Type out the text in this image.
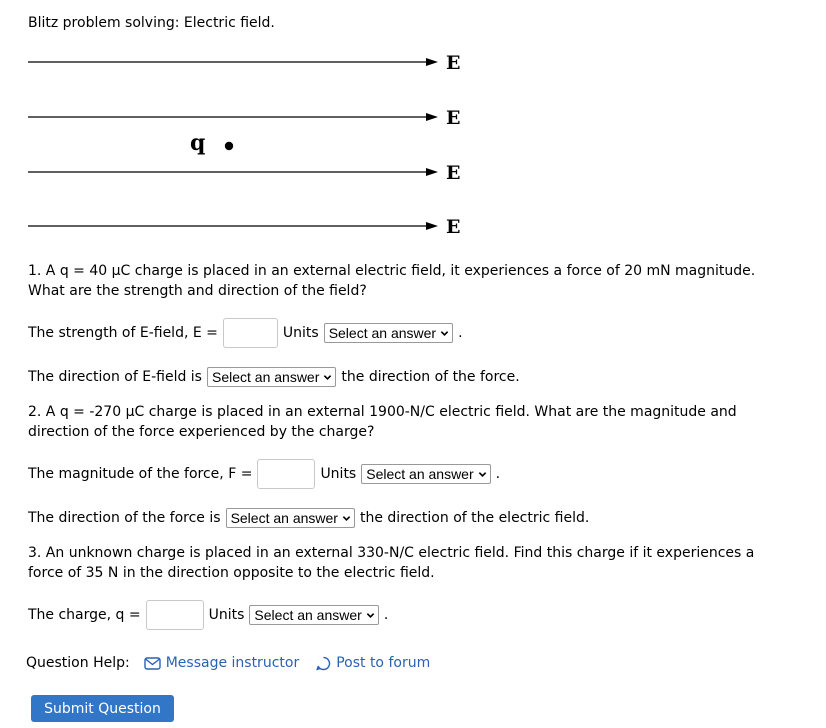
Blitz problem solving: Electric field.
E
E
E
E
q
1. A q = 40 μC charge is placed in an external electric field, it experiences a force of 20 mN magnitude.
What are the strength and direction of the field?
The strength of E-field, E =	Units Select an answer .
The direction of E-field is Select an answer the direction of the force.
2. A q = -270 μC charge is placed in an external 1900-N/C electric field. What are the magnitude and
direction of the force experienced by the charge?
The magnitude of the force, F =	Units Select an answer .
The direction of the force is Select an answer the direction of the electric field.
3. An unknown charge is placed in an external 330-N/C electric field. Find this charge if it experiences a
force of 35 N in the direction opposite to the electric field.
The charge, q =	Units Select an answer .
Question Help:	Message instructor	Post to forum
Submit Question
